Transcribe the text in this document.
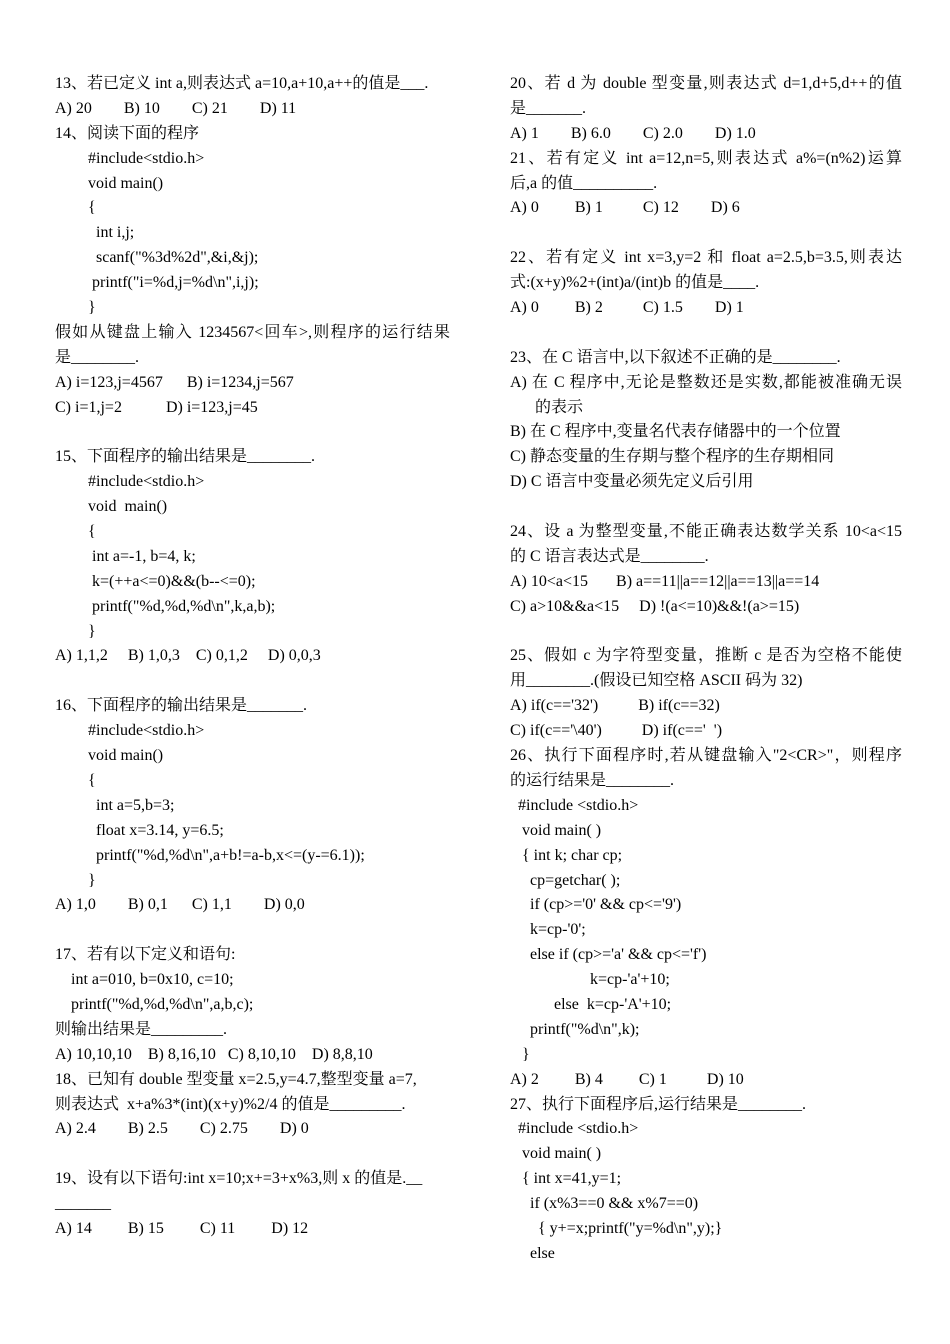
13、若已定义 int a,则表达式 a=10,a+10,a++的值是___.
A) 20        B) 10        C) 21        D) 11
14、阅读下面的程序
#include<stdio.h>
void main()
{
int i,j;
scanf("%3d%2d",&i,&j);
printf("i=%d,j=%d\n",i,j);
}
假如从键盘上输入 1234567<回车>,则程序的运行结果
是________.
A) i=123,j=4567      B) i=1234,j=567
C) i=1,j=2           D) i=123,j=45
15、下面程序的输出结果是________.
#include<stdio.h>
void  main()
{
int a=-1, b=4, k;
k=(++a<=0)&&(b--<=0);
printf("%d,%d,%d\n",k,a,b);
}
A) 1,1,2     B) 1,0,3    C) 0,1,2     D) 0,0,3
16、下面程序的输出结果是_______.
#include<stdio.h>
void main()
{
int a=5,b=3;
float x=3.14, y=6.5;
printf("%d,%d\n",a+b!=a-b,x<=(y-=6.1));
}
A) 1,0        B) 0,1      C) 1,1        D) 0,0
17、若有以下定义和语句:
int a=010, b=0x10, c=10;
printf("%d,%d,%d\n",a,b,c);
则输出结果是_________.
A) 10,10,10    B) 8,16,10   C) 8,10,10    D) 8,8,10
18、已知有 double 型变量 x=2.5,y=4.7,整型变量 a=7,
则表达式  x+a%3*(int)(x+y)%2/4 的值是_________.
A) 2.4        B) 2.5        C) 2.75        D) 0
19、设有以下语句:int x=10;x+=3+x%3,则 x 的值是.__
_______
A) 14         B) 15         C) 11         D) 12
20、若 d 为 double 型变量,则表达式 d=1,d+5,d++的值
是_______.
A) 1        B) 6.0        C) 2.0        D) 1.0
21、若有定义 int a=12,n=5,则表达式 a%=(n%2)运算
后,a 的值__________.
A) 0         B) 1          C) 12        D) 6
22、若有定义 int x=3,y=2 和 float a=2.5,b=3.5,则表达
式:(x+y)%2+(int)a/(int)b 的值是____.
A) 0         B) 2          C) 1.5        D) 1
23、在 C 语言中,以下叙述不正确的是________.
A) 在 C 程序中,无论是整数还是实数,都能被准确无误
的表示
B) 在 C 程序中,变量名代表存储器中的一个位置
C) 静态变量的生存期与整个程序的生存期相同
D) C 语言中变量必须先定义后引用
24、设 a 为整型变量,不能正确表达数学关系 10<a<15
的 C 语言表达式是________.
A) 10<a<15       B) a==11||a==12||a==13||a==14
C) a>10&&a<15     D) !(a<=10)&&!(a>=15)
25、假如 c 为字符型变量，推断 c 是否为空格不能使
用________.(假设已知空格 ASCII 码为 32)
A) if(c=='32')          B) if(c==32)
C) if(c=='\40')          D) if(c=='  ')
26、执行下面程序时,若从键盘输入"2<CR>"，则程序
的运行结果是________.
#include <stdio.h>
void main( )
{ int k; char cp;
cp=getchar( );
if (cp>='0' && cp<='9')
k=cp-'0';
else if (cp>='a' && cp<='f')
k=cp-'a'+10;
else  k=cp-'A'+10;
printf("%d\n",k);
}
A) 2         B) 4         C) 1          D) 10
27、执行下面程序后,运行结果是________.
#include <stdio.h>
void main( )
{ int x=41,y=1;
if (x%3==0 && x%7==0)
{ y+=x;printf("y=%d\n",y);}
else
